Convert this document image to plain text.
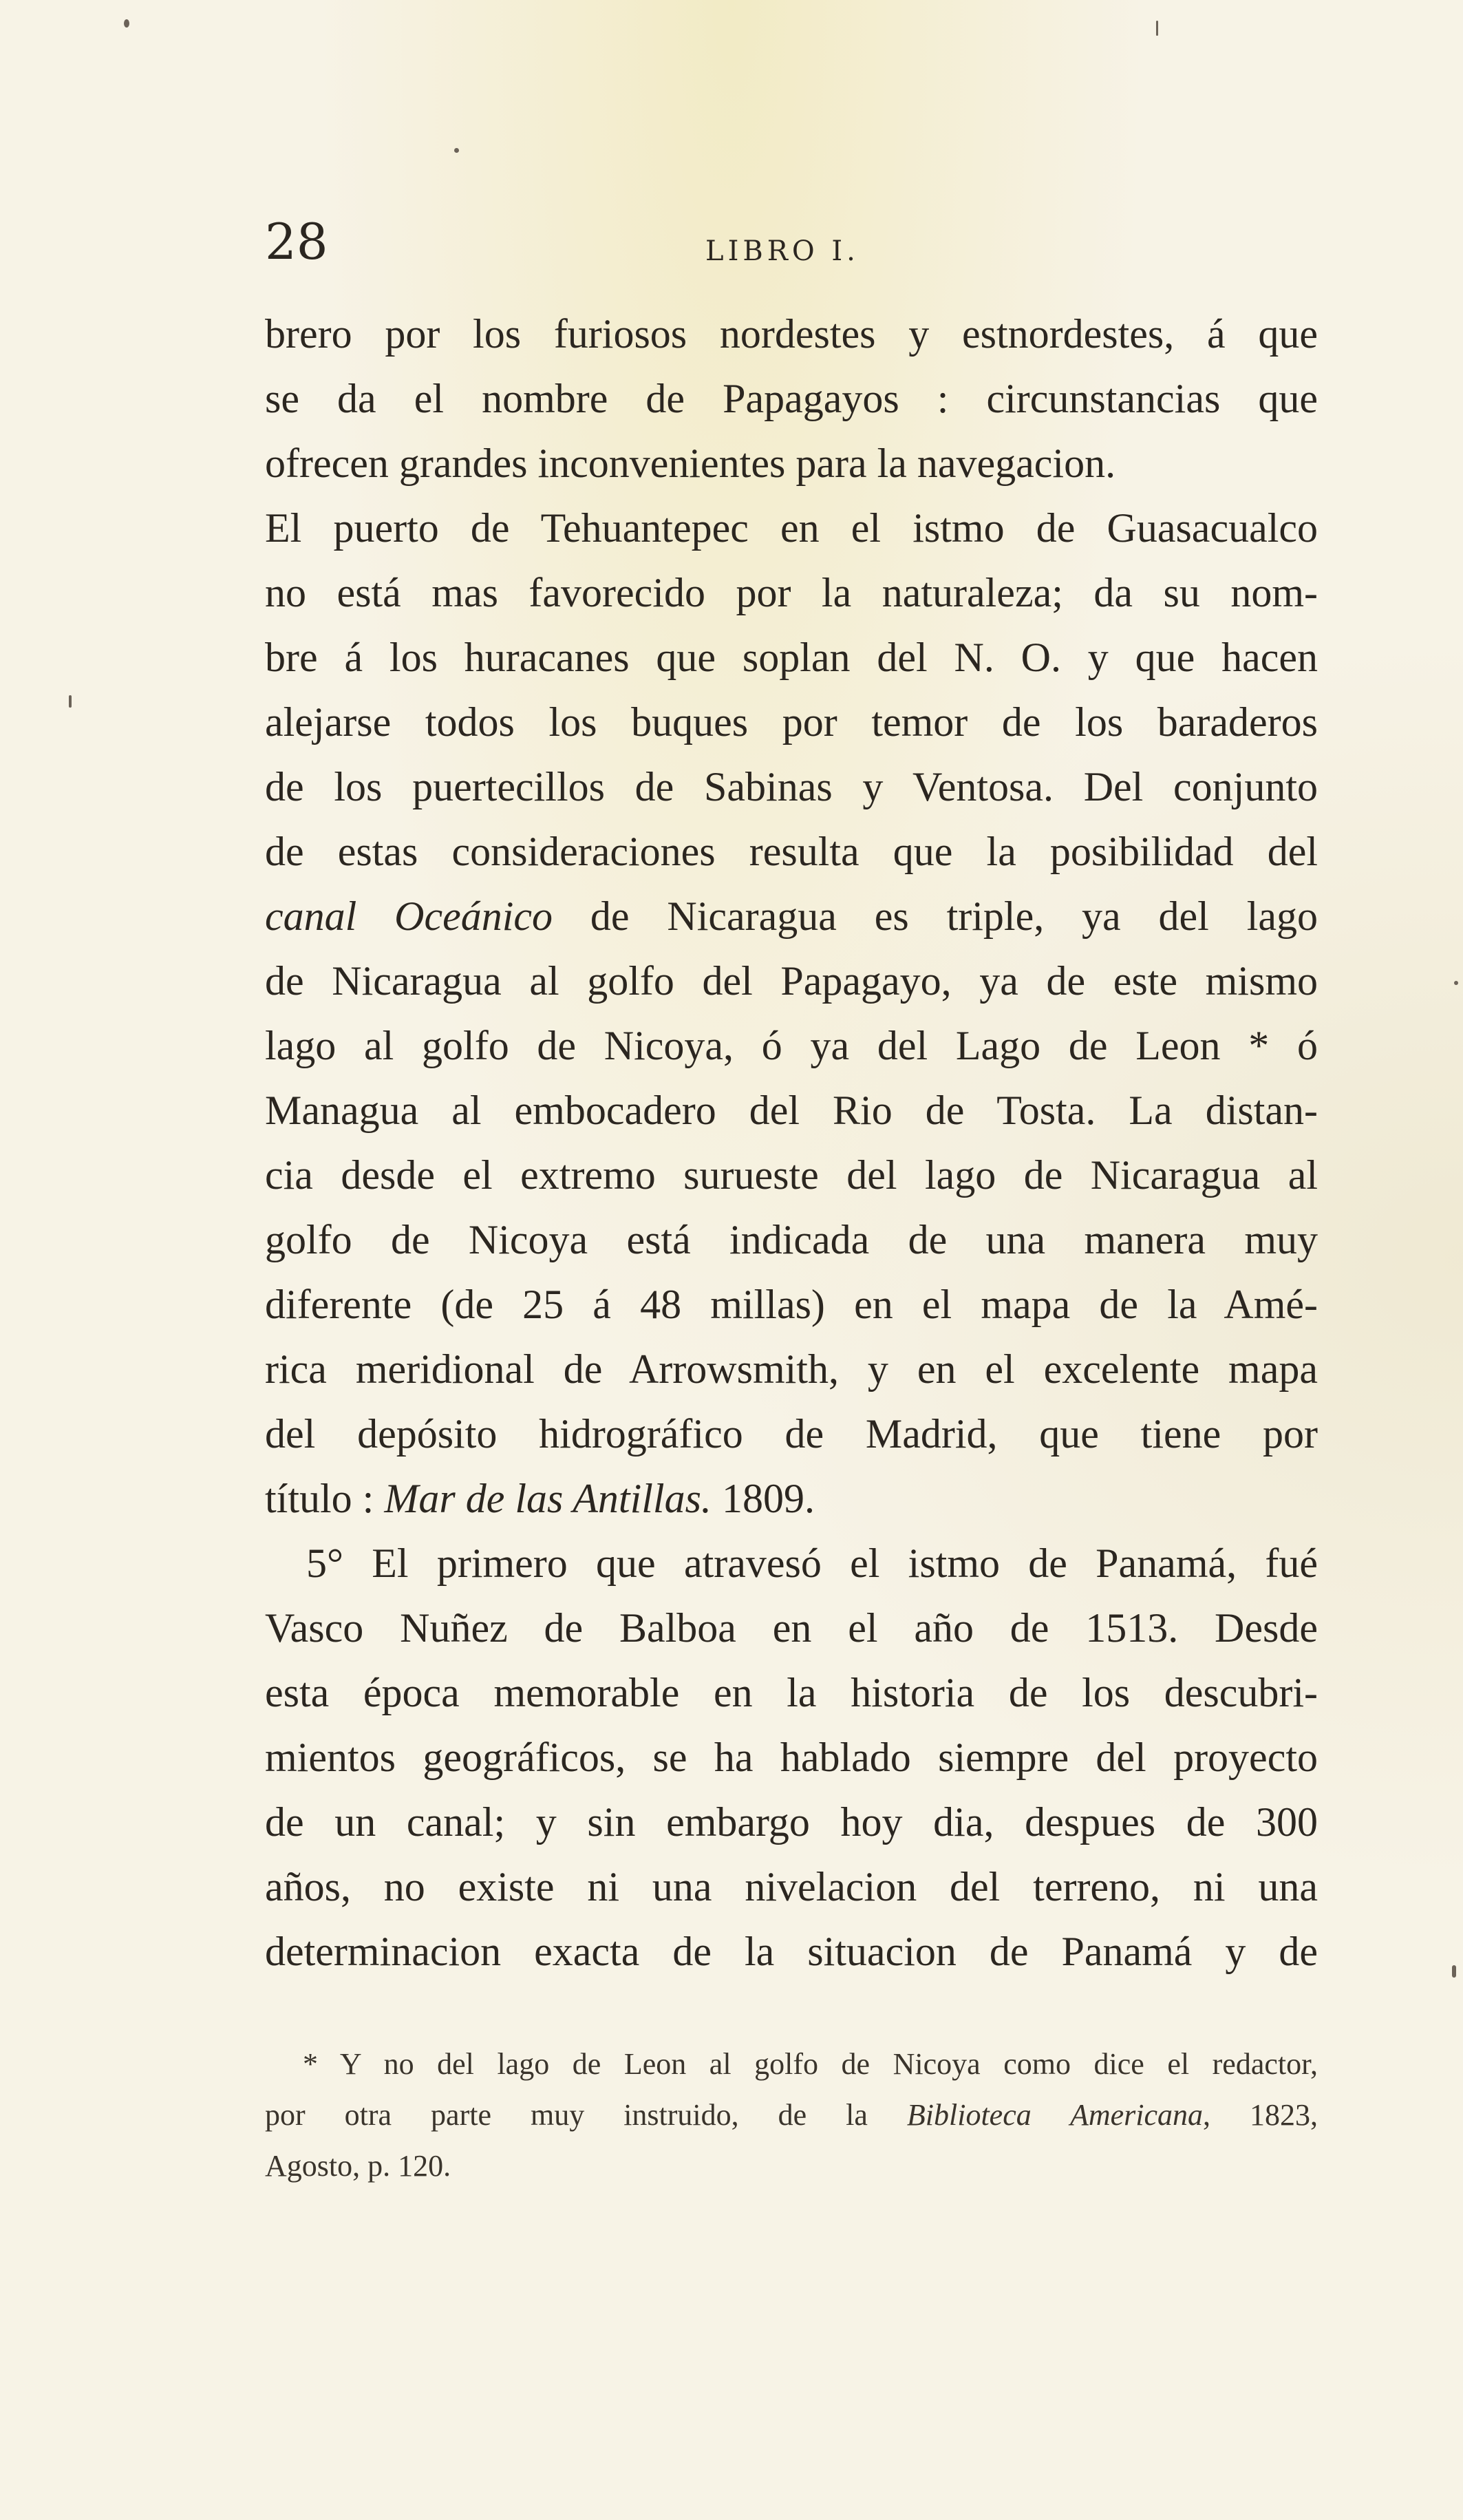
28	LIBRO I.
brero por los furiosos nordestes y estnordestes, á que
se da el nombre de Papagayos : circunstancias que
ofrecen grandes inconvenientes para la navegacion.
El puerto de Tehuantepec en el istmo de Guasacualco
no está mas favorecido por la naturaleza; da su nom-
bre á los huracanes que soplan del N. O. y que hacen
alejarse todos los buques por temor de los baraderos
de los puertecillos de Sabinas y Ventosa. Del conjunto
de estas consideraciones resulta que la posibilidad del
canal Oceánico de Nicaragua es triple, ya del lago
de Nicaragua al golfo del Papagayo, ya de este mismo
lago al golfo de Nicoya, ó ya del Lago de Leon * ó
Managua al embocadero del Rio de Tosta. La distan-
cia desde el extremo surueste del lago de Nicaragua al
golfo de Nicoya está indicada de una manera muy
diferente (de 25 á 48 millas) en el mapa de la Amé-
rica meridional de Arrowsmith, y en el excelente mapa
del depósito hidrográfico de Madrid, que tiene por
título : Mar de las Antillas. 1809.
5° El primero que atravesó el istmo de Panamá, fué
Vasco Nuñez de Balboa en el año de 1513. Desde
esta época memorable en la historia de los descubri-
mientos geográficos, se ha hablado siempre del proyecto
de un canal; y sin embargo hoy dia, despues de 300
años, no existe ni una nivelacion del terreno, ni una
determinacion exacta de la situacion de Panamá y de
* Y no del lago de Leon al golfo de Nicoya como dice el redactor,
por otra parte muy instruido, de la Biblioteca Americana, 1823,
Agosto, p. 120.
